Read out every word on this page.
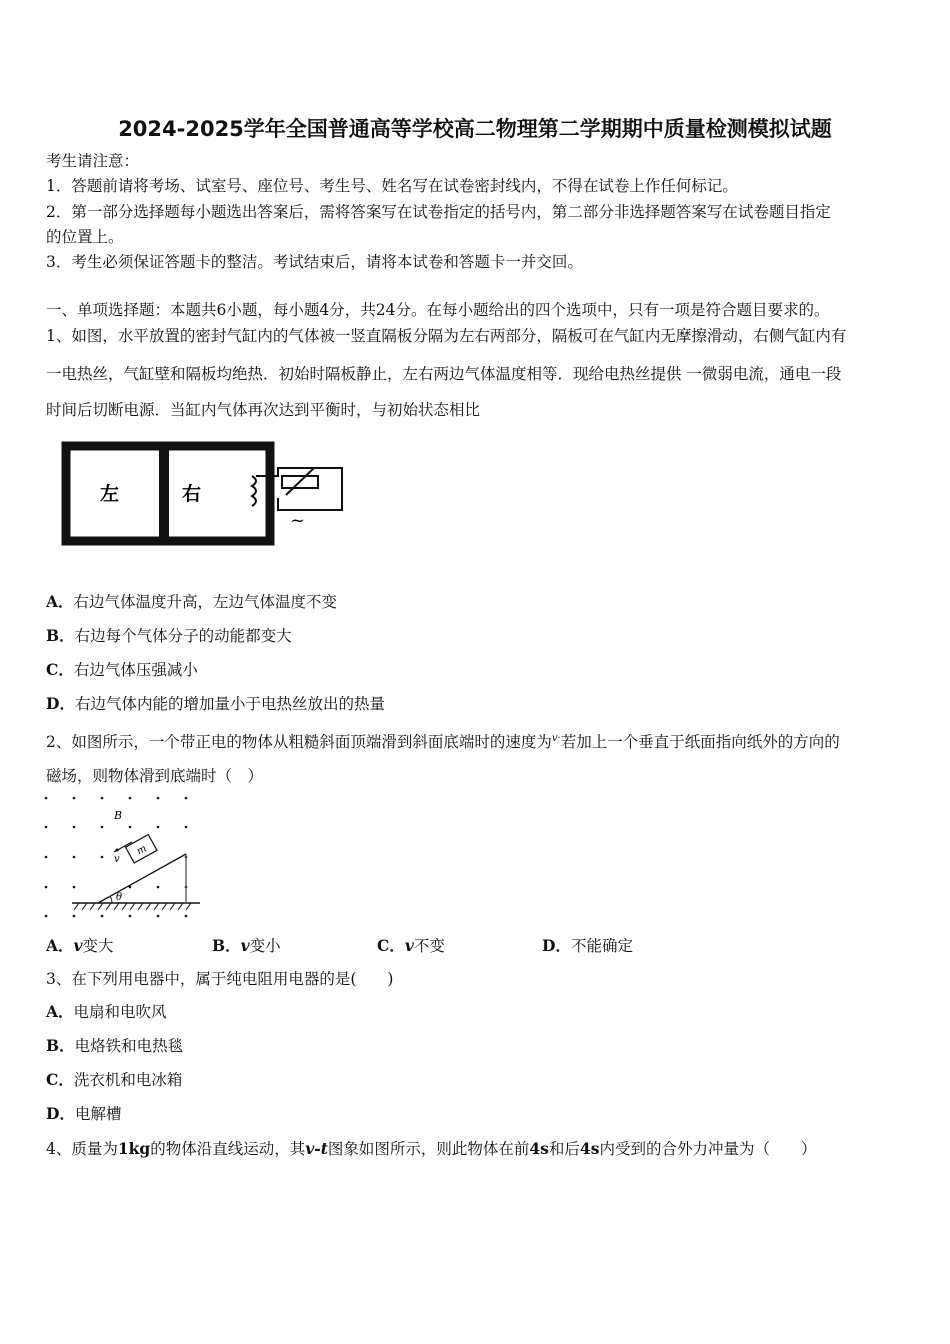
2024-2025学年全国普通高等学校高二物理第二学期期中质量检测模拟试题
考生请注意：
1．答题前请将考场、试室号、座位号、考生号、姓名写在试卷密封线内，不得在试卷上作任何标记。
2．第一部分选择题每小题选出答案后，需将答案写在试卷指定的括号内，第二部分非选择题答案写在试卷题目指定
的位置上。
3．考生必须保证答题卡的整洁。考试结束后，请将本试卷和答题卡一并交回。
一、单项选择题：本题共6小题，每小题4分，共24分。在每小题给出的四个选项中，只有一项是符合题目要求的。
1、如图，水平放置的密封气缸内的气体被一竖直隔板分隔为左右两部分，隔板可在气缸内无摩擦滑动，右侧气缸内有
一电热丝，气缸壁和隔板均绝热．初始时隔板静止，左右两边气体温度相等．现给电热丝提供 一微弱电流，通电一段
时间后切断电源．当缸内气体再次达到平衡时，与初始状态相比
左	右
~
A．右边气体温度升高，左边气体温度不变
B．右边每个气体分子的动能都变大
C．右边气体压强减小
D．右边气体内能的增加量小于电热丝放出的热量
2、如图所示，一个带正电的物体从粗糙斜面顶端滑到斜面底端时的速度为$^{v\cdot}$若加上一个垂直于纸面指向纸外的方向的
磁场，则物体滑到底端时（　）
B
θ
m
v
A．v变大	B．v变小	C．v不变	D．不能确定
3、在下列用电器中，属于纯电阻用电器的是(　　)
A．电扇和电吹风
B．电烙铁和电热毯
C．洗衣机和电冰箱
D．电解槽
4、质量为1kg的物体沿直线运动，其v-t图象如图所示，则此物体在前4s和后4s内受到的合外力冲量为（　　）
